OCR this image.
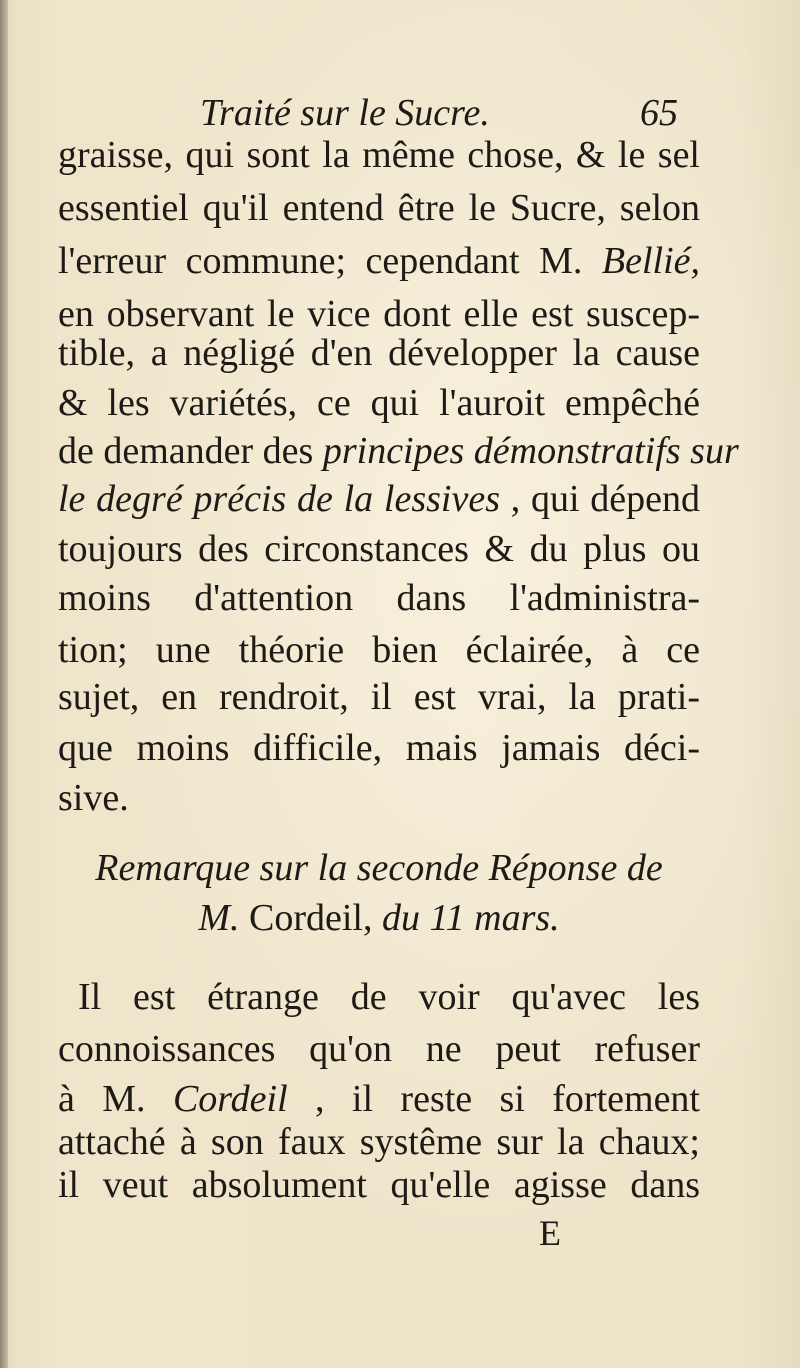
Traité sur le Sucre.	65
graisse, qui sont la même chose, & le sel
essentiel qu'il entend être le Sucre, selon
l'erreur commune; cependant M. Bellié,
en observant le vice dont elle est suscep-
tible, a négligé d'en développer la cause
& les variétés, ce qui l'auroit empêché
de demander des principes démonstratifs sur
le degré précis de la lessives , qui dépend
toujours des circonstances & du plus ou
moins d'attention dans l'administra-
tion; une théorie bien éclairée, à ce
sujet, en rendroit, il est vrai, la prati-
que moins difficile, mais jamais déci-
sive.
Remarque sur la seconde Réponse de
M. Cordeil, du 11 mars.
Il est étrange de voir qu'avec les
connoissances qu'on ne peut refuser
à M. Cordeil , il reste si fortement
attaché à son faux systême sur la chaux;
il veut absolument qu'elle agisse dans
E
